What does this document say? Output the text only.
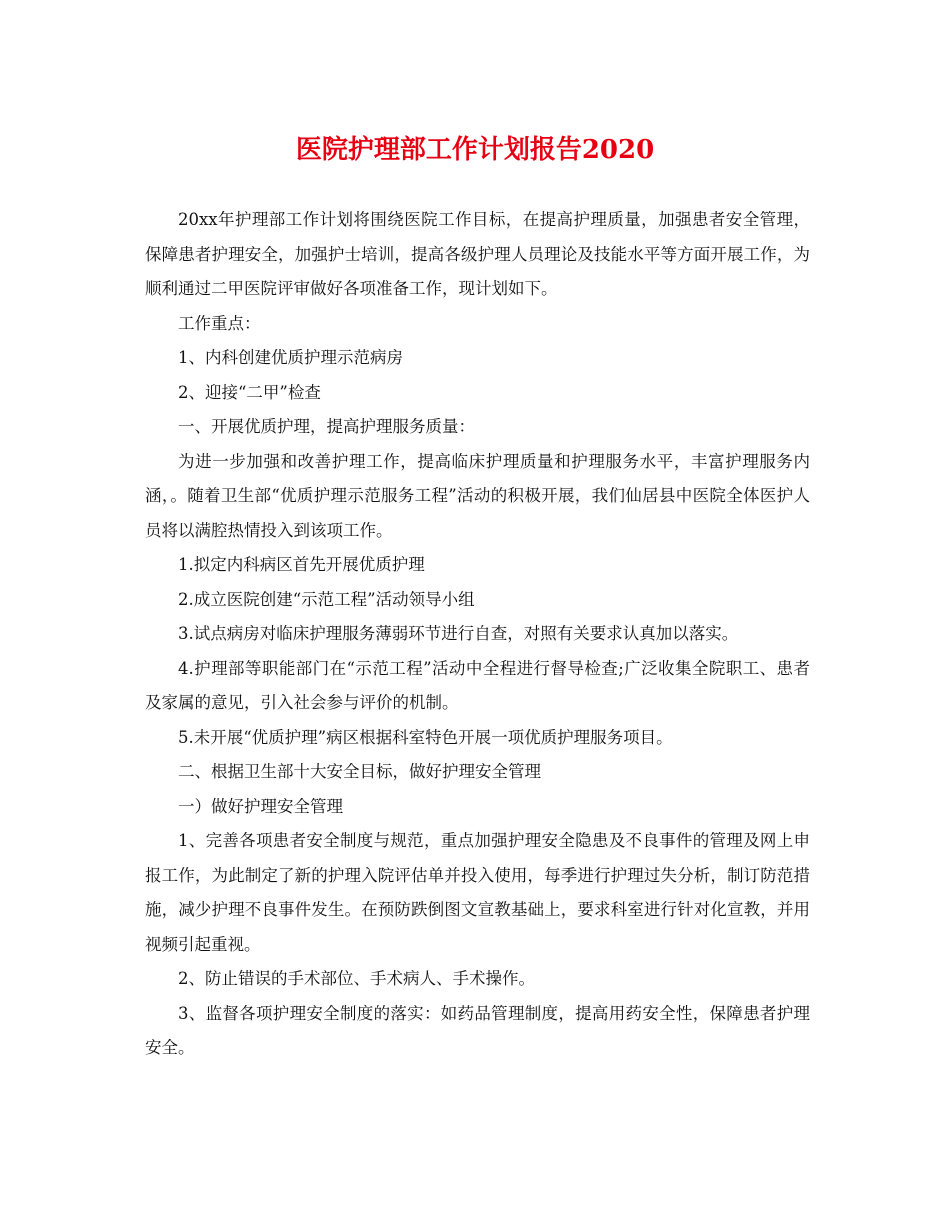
医院护理部工作计划报告2020

20xx年护理部工作计划将围绕医院工作目标，在提高护理质量，加强患者安全管理，保障患者护理安全，加强护士培训，提高各级护理人员理论及技能水平等方面开展工作，为顺利通过二甲医院评审做好各项准备工作，现计划如下。

工作重点：

1、内科创建优质护理示范病房

2、迎接“二甲”检查

一、开展优质护理，提高护理服务质量：

为进一步加强和改善护理工作，提高临床护理质量和护理服务水平，丰富护理服务内涵，。随着卫生部“优质护理示范服务工程”活动的积极开展，我们仙居县中医院全体医护人员将以满腔热情投入到该项工作。

1.拟定内科病区首先开展优质护理

2.成立医院创建“示范工程”活动领导小组

3.试点病房对临床护理服务薄弱环节进行自查，对照有关要求认真加以落实。

4.护理部等职能部门在“示范工程”活动中全程进行督导检查;广泛收集全院职工、患者及家属的意见，引入社会参与评价的机制。

5.未开展“优质护理”病区根据科室特色开展一项优质护理服务项目。

二、根据卫生部十大安全目标，做好护理安全管理

一）做好护理安全管理

1、完善各项患者安全制度与规范，重点加强护理安全隐患及不良事件的管理及网上申报工作，为此制定了新的护理入院评估单并投入使用，每季进行护理过失分析，制订防范措施，减少护理不良事件发生。在预防跌倒图文宣教基础上，要求科室进行针对化宣教，并用视频引起重视。

2、防止错误的手术部位、手术病人、手术操作。

3、监督各项护理安全制度的落实：如药品管理制度，提高用药安全性，保障患者护理安全。
